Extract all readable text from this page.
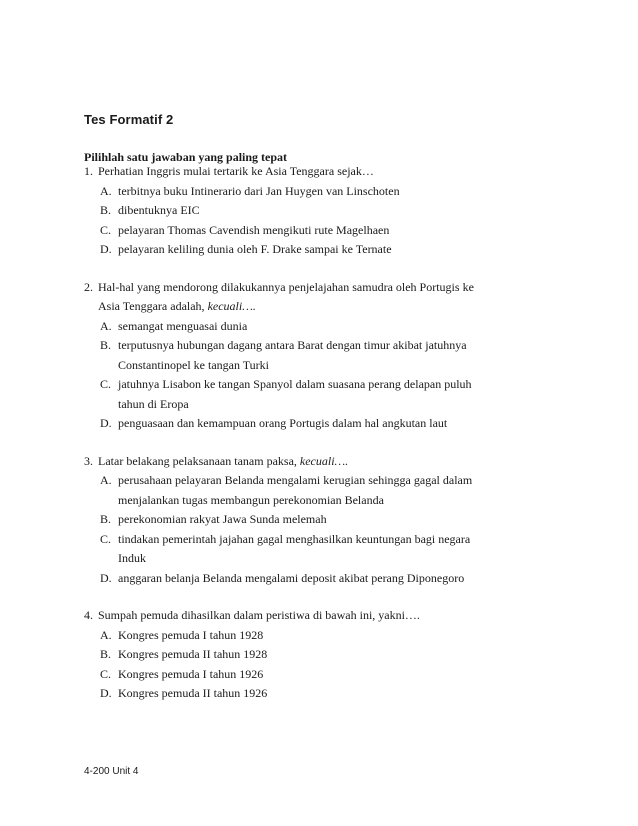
Tes Formatif 2
Pilihlah satu jawaban yang paling tepat
1. Perhatian Inggris mulai tertarik ke Asia Tenggara sejak…
A. terbitnya buku Intinerario dari Jan Huygen van Linschoten
B. dibentuknya EIC
C. pelayaran Thomas Cavendish mengikuti rute Magelhaen
D. pelayaran keliling dunia oleh F. Drake sampai ke Ternate
2. Hal-hal yang mendorong dilakukannya penjelajahan samudra oleh Portugis ke
Asia Tenggara adalah, kecuali….
A. semangat menguasai dunia
B. terputusnya hubungan dagang antara Barat dengan timur akibat jatuhnya
Constantinopel ke tangan Turki
C. jatuhnya Lisabon ke tangan Spanyol dalam suasana perang delapan puluh
tahun di Eropa
D. penguasaan dan kemampuan orang Portugis dalam hal angkutan laut
3. Latar belakang pelaksanaan tanam paksa, kecuali….
A. perusahaan pelayaran Belanda mengalami kerugian sehingga gagal dalam
menjalankan tugas membangun perekonomian Belanda
B. perekonomian rakyat Jawa Sunda melemah
C. tindakan pemerintah jajahan gagal menghasilkan keuntungan bagi negara
Induk
D. anggaran belanja Belanda mengalami deposit akibat perang Diponegoro
4. Sumpah pemuda dihasilkan dalam peristiwa di bawah ini, yakni….
A. Kongres pemuda I tahun 1928
B. Kongres pemuda II tahun 1928
C. Kongres pemuda I tahun 1926
D. Kongres pemuda II tahun 1926
4-200 Unit 4
